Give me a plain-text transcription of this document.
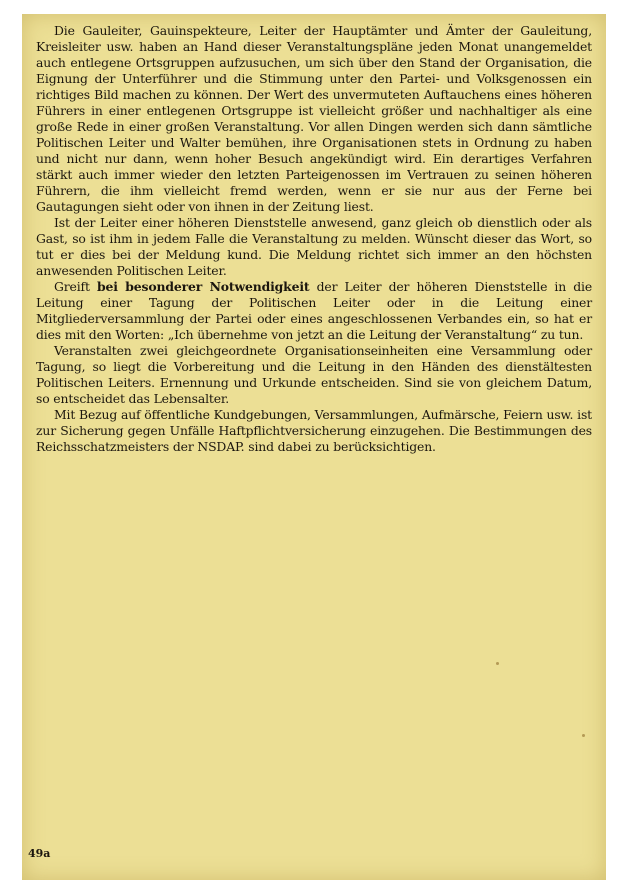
Die Gauleiter, Gauinspekteure, Leiter der Hauptämter und Ämter der Gauleitung, Kreisleiter usw. haben an Hand dieser Veranstaltungspläne jeden Monat unangemeldet auch entlegene Ortsgruppen aufzusuchen, um sich über den Stand der Organisation, die Eignung der Unterführer und die Stimmung unter den Partei- und Volksgenossen ein richtiges Bild machen zu können. Der Wert des unvermuteten Auftauchens eines höheren Führers in einer entlegenen Ortsgruppe ist vielleicht größer und nachhaltiger als eine große Rede in einer großen Veranstaltung. Vor allen Dingen werden sich dann sämtliche Politischen Leiter und Walter bemühen, ihre Organisationen stets in Ordnung zu haben und nicht nur dann, wenn hoher Besuch angekündigt wird. Ein derartiges Verfahren stärkt auch immer wieder den letzten Parteigenossen im Vertrauen zu seinen höheren Führern, die ihm vielleicht fremd werden, wenn er sie nur aus der Ferne bei Gautagungen sieht oder von ihnen in der Zeitung liest.

Ist der Leiter einer höheren Dienststelle anwesend, ganz gleich ob dienstlich oder als Gast, so ist ihm in jedem Falle die Veranstaltung zu melden. Wünscht dieser das Wort, so tut er dies bei der Meldung kund. Die Meldung richtet sich immer an den höchsten anwesenden Politischen Leiter.

Greift bei besonderer Notwendigkeit der Leiter der höheren Dienststelle in die Leitung einer Tagung der Politischen Leiter oder in die Leitung einer Mitgliederversammlung der Partei oder eines angeschlossenen Verbandes ein, so hat er dies mit den Worten: „Ich übernehme von jetzt an die Leitung der Veranstaltung“ zu tun.

Veranstalten zwei gleichgeordnete Organisationseinheiten eine Versammlung oder Tagung, so liegt die Vorbereitung und die Leitung in den Händen des dienstältesten Politischen Leiters. Ernennung und Urkunde entscheiden. Sind sie von gleichem Datum, so entscheidet das Lebensalter.

Mit Bezug auf öffentliche Kundgebungen, Versammlungen, Aufmärsche, Feiern usw. ist zur Sicherung gegen Unfälle Haftpflichtversicherung einzugehen. Die Bestimmungen des Reichsschatzmeisters der NSDAP. sind dabei zu berücksichtigen.

49a
